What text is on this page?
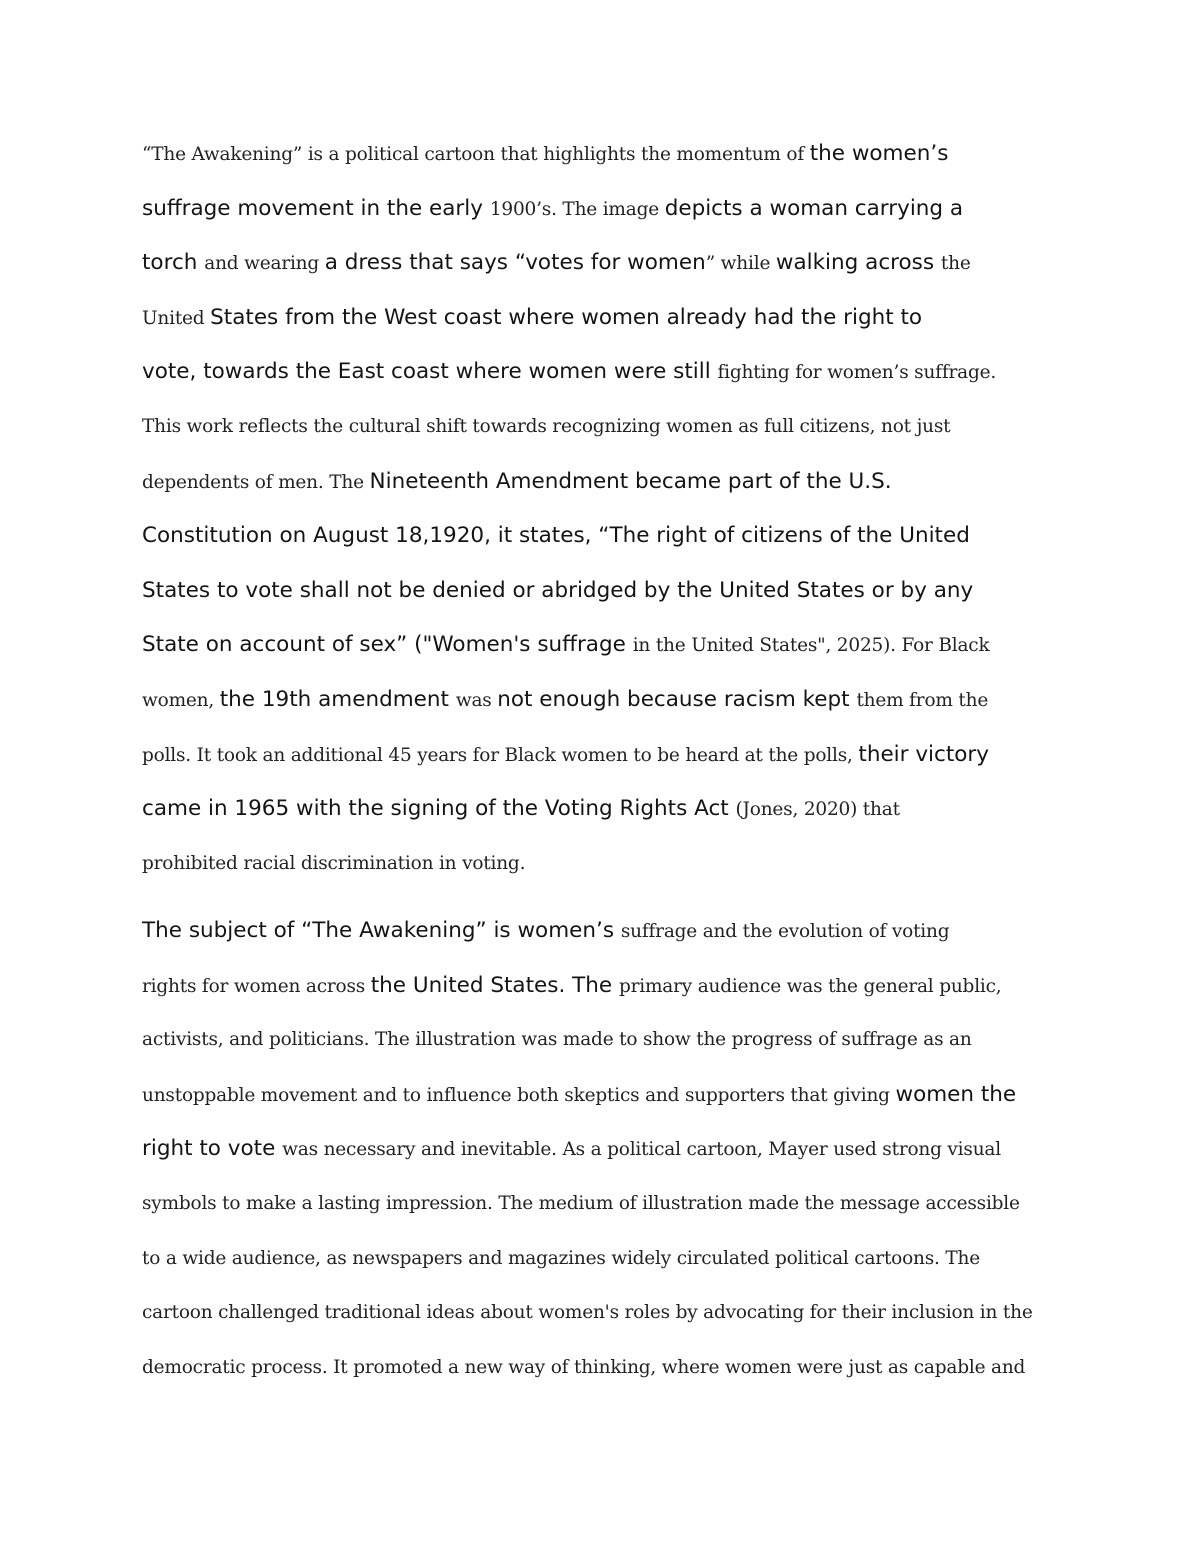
“The Awakening” is a political cartoon that highlights the momentum of the women’s
suffrage movement in the early 1900’s. The image depicts a woman carrying a
torch and wearing a dress that says “votes for women” while walking across the
United States from the West coast where women already had the right to
vote, towards the East coast where women were still fighting for women’s suffrage.
This work reflects the cultural shift towards recognizing women as full citizens, not just
dependents of men. The Nineteenth Amendment became part of the U.S.
Constitution on August 18,1920, it states, “The right of citizens of the United
States to vote shall not be denied or abridged by the United States or by any
State on account of sex” ("Women's suffrage in the United States", 2025). For Black
women, the 19th amendment was not enough because racism kept them from the
polls. It took an additional 45 years for Black women to be heard at the polls, their victory
came in 1965 with the signing of the Voting Rights Act (Jones, 2020) that
prohibited racial discrimination in voting.
The subject of “The Awakening” is women’s suffrage and the evolution of voting
rights for women across the United States. The primary audience was the general public,
activists, and politicians. The illustration was made to show the progress of suffrage as an
unstoppable movement and to influence both skeptics and supporters that giving women the
right to vote was necessary and inevitable. As a political cartoon, Mayer used strong visual
symbols to make a lasting impression. The medium of illustration made the message accessible
to a wide audience, as newspapers and magazines widely circulated political cartoons. The
cartoon challenged traditional ideas about women's roles by advocating for their inclusion in the
democratic process. It promoted a new way of thinking, where women were just as capable and
